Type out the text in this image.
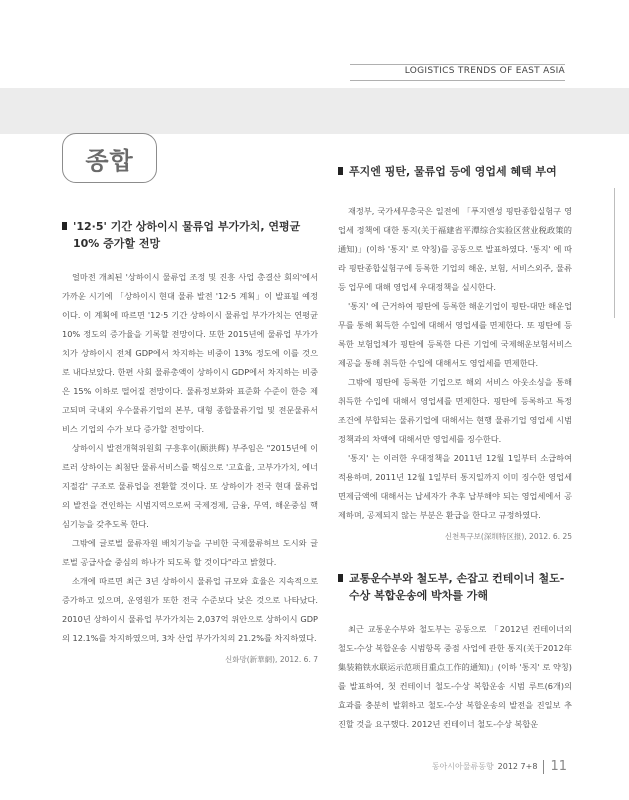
LOGISTICS TRENDS OF EAST ASIA
종합
'12·5' 기간 상하이시 물류업 부가가치, 연평균 10% 증가할 전망

얼마전 개최된 '상하이시 물류업 조정 및 진흥 사업 총결산 회의'에서 가까운 시기에 「상하이시 현대 물류 발전 '12·5 계획」이 발표될 예정이다. 이 계획에 따르면 '12·5 기간 상하이시 물류업 부가가치는 연평균 10% 정도의 증가율을 기록할 전망이다. 또한 2015년에 물류업 부가가치가 상하이시 전체 GDP에서 차지하는 비중이 13% 정도에 이를 것으로 내다보았다. 한편 사회 물류총액이 상하이시 GDP에서 차지하는 비중은 15% 이하로 떨어질 전망이다. 물류정보화와 표준화 수준이 한층 제고되며 국내외 우수물류기업의 본부, 대형 종합물류기업 및 전문물류서비스 기업의 수가 보다 증가할 전망이다.

상하이시 발전개혁위원회 구흥후이(顾洪辉) 부주임은 "2015년에 이르러 상하이는 최첨단 물류서비스를 핵심으로 '고효율, 고부가가치, 에너지절감' 구조로 물류업을 전환할 것이다. 또 상하이가 전국 현대 물류업의 발전을 견인하는 시범지역으로써 국제경제, 금융, 무역, 해운중심 핵심기능을 갖추도록 한다.

그밖에 글로벌 물류자원 배치기능을 구비한 국제물류허브 도시와 글로벌 공급사슬 중심의 하나가 되도록 할 것이다"라고 밝혔다.

소개에 따르면 최근 3년 상하이시 물류업 규모와 효율은 지속적으로 증가하고 있으며, 운영원가 또한 전국 수준보다 낮은 것으로 나타났다. 2010년 상하이시 물류업 부가가치는 2,037억 위안으로 상하이시 GDP의 12.1%를 차지하였으며, 3차 산업 부가가치의 21.2%를 차지하였다.

신화망(新華網), 2012. 6. 7
푸지엔 핑탄, 물류업 등에 영업세 혜택 부여

재정부, 국가세무총국은 일전에 「푸지엔성 핑탄종합실험구 영업세 정책에 대한 통지(关于福建省平潭综合实验区营业税政策的通知)」(이하 '통지' 로 약칭)를 공동으로 발표하였다. '통지' 에 따라 핑탄종합실험구에 등록한 기업의 해운, 보험, 서비스외주, 물류 등 업무에 대해 영업세 우대정책을 실시한다.

'통지' 에 근거하여 핑탄에 등록한 해운기업이 핑탄-대만 해운업무를 통해 획득한 수입에 대해서 영업세를 면제한다. 또 핑탄에 등록한 보험업체가 핑탄에 등록한 다른 기업에 국제해운보험서비스 제공을 통해 취득한 수입에 대해서도 영업세를 면제한다.

그밖에 핑탄에 등록한 기업으로 해외 서비스 아웃소싱을 통해 취득한 수입에 대해서 영업세를 면제한다. 핑탄에 등록하고 특정 조건에 부합되는 물류기업에 대해서는 현행 물류기업 영업세 시범정책과의 차액에 대해서만 영업세를 징수한다.

'통지' 는 이러한 우대정책을 2011년 12월 1일부터 소급하여 적용하며, 2011년 12월 1일부터 통지일까지 이미 징수한 영업세 면제금액에 대해서는 납세자가 추후 납부해야 되는 영업세에서 공제하며, 공제되지 않는 부분은 환급을 한다고 규정하였다.

신천특구보(深圳特区报), 2012. 6. 25
교통운수부와 철도부, 손잡고 컨테이너 철도-수상 복합운송에 박차를 가해

최근 교통운수부와 철도부는 공동으로 「2012년 컨테이너의 철도-수상 복합운송 시범항목 중점 사업에 관한 통지(关于2012年集装箱铁水联运示范项目重点工作的通知)」(이하 '통지' 로 약칭)를 발표하여, 첫 컨테이너 철도-수상 복합운송 시범 루트(6개)의 효과를 충분히 발휘하고 철도-수상 복합운송의 발전을 진일보 추진할 것을 요구했다. 2012년 컨테이너 철도-수상 복합운

동아시아물류동향 2012 7+8 11
